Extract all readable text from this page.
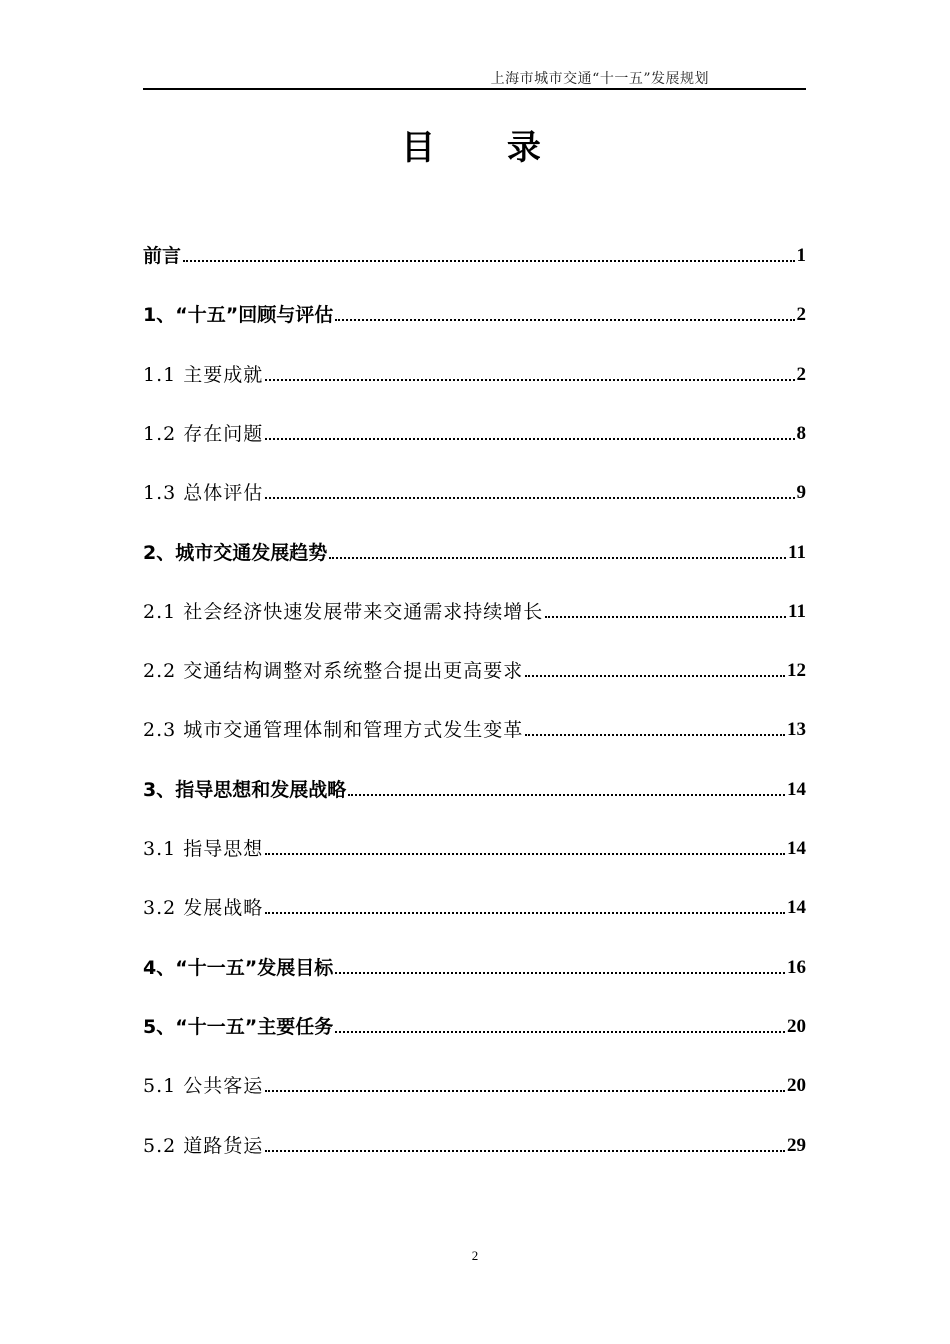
上海市城市交通“十一五”发展规划
目 录
前言	1
1、“十五”回顾与评估	2
1.1 主要成就	2
1.2 存在问题	8
1.3 总体评估	9
2、城市交通发展趋势	11
2.1 社会经济快速发展带来交通需求持续增长	11
2.2 交通结构调整对系统整合提出更高要求	12
2.3 城市交通管理体制和管理方式发生变革	13
3、指导思想和发展战略	14
3.1 指导思想	14
3.2 发展战略	14
4、“十一五”发展目标	16
5、“十一五”主要任务	20
5.1 公共客运	20
5.2 道路货运	29
2
